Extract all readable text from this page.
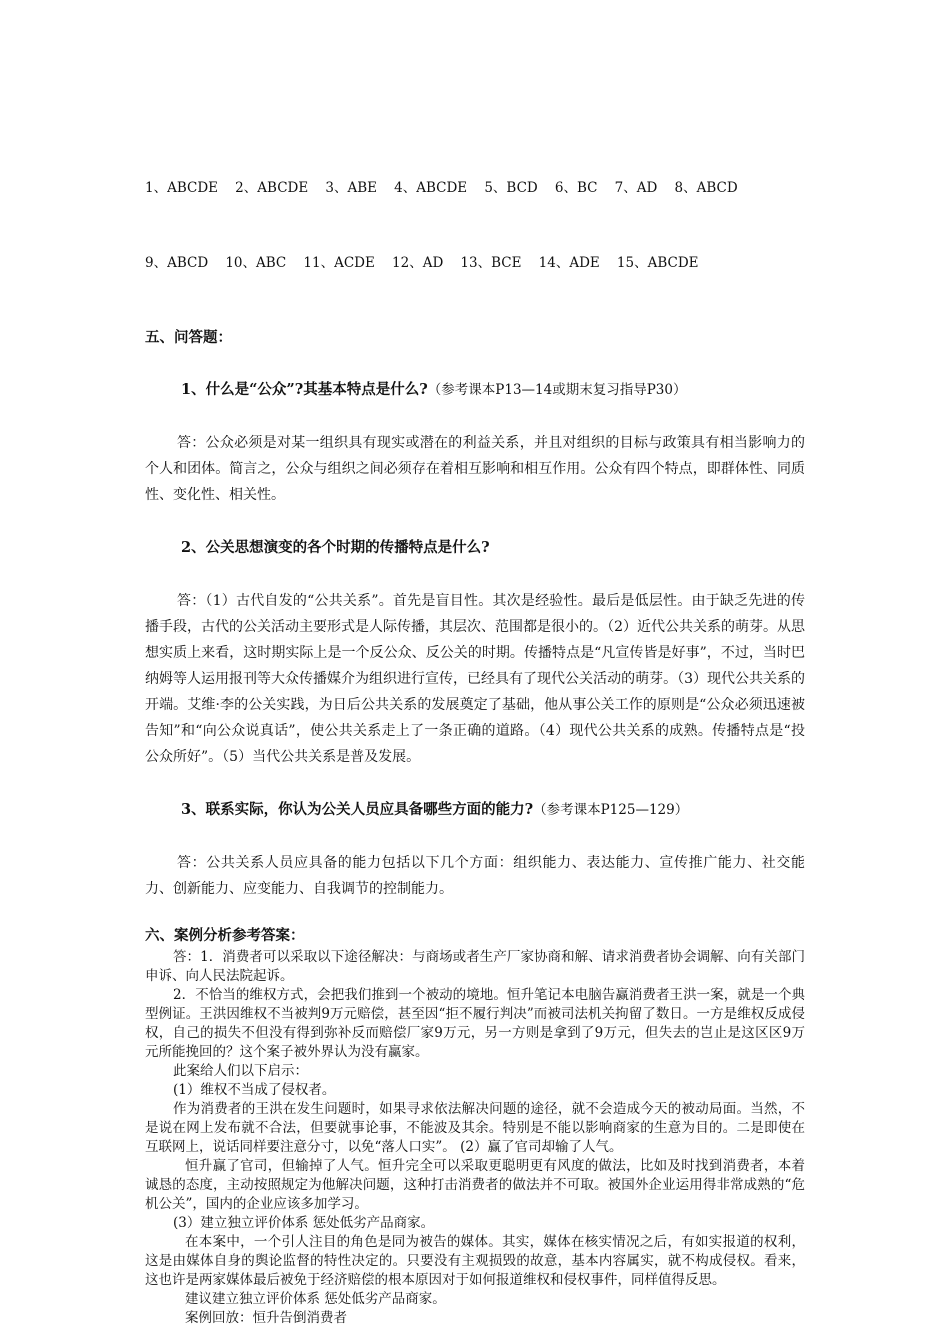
1、ABCDE    2、ABCDE    3、ABE    4、ABCDE    5、BCD    6、BC    7、AD    8、ABCD

9、ABCD    10、ABC    11、ACDE    12、AD    13、BCE    14、ADE    15、ABCDE

五、问答题：

1、什么是“公众”?其基本特点是什么?（参考课本P13—14或期末复习指导P30）

答：公众必须是对某一组织具有现实或潜在的利益关系，并且对组织的目标与政策具有相当影响力的个人和团体。简言之，公众与组织之间必须存在着相互影响和相互作用。公众有四个特点，即群体性、同质性、变化性、相关性。

2、公关思想演变的各个时期的传播特点是什么?

答：（1）古代自发的“公共关系”。首先是盲目性。其次是经验性。最后是低层性。由于缺乏先进的传播手段，古代的公关活动主要形式是人际传播，其层次、范围都是很小的。（2）近代公共关系的萌芽。从思想实质上来看，这时期实际上是一个反公众、反公关的时期。传播特点是“凡宣传皆是好事”，不过，当时巴纳姆等人运用报刊等大众传播媒介为组织进行宣传，已经具有了现代公关活动的萌芽。（3）现代公共关系的开端。艾维·李的公关实践，为日后公共关系的发展奠定了基础，他从事公关工作的原则是“公众必须迅速被告知”和“向公众说真话”，使公共关系走上了一条正确的道路。（4）现代公共关系的成熟。传播特点是“投公众所好”。（5）当代公共关系是普及发展。

3、联系实际，你认为公关人员应具备哪些方面的能力?（参考课本P125—129）

答：公共关系人员应具备的能力包括以下几个方面：组织能力、表达能力、宣传推广能力、社交能力、创新能力、应变能力、自我调节的控制能力。

六、案例分析参考答案：

答：1．消费者可以采取以下途径解决：与商场或者生产厂家协商和解、请求消费者协会调解、向有关部门申诉、向人民法院起诉。

2．不恰当的维权方式，会把我们推到一个被动的境地。恒升笔记本电脑告赢消费者王洪一案，就是一个典型例证。王洪因维权不当被判9万元赔偿，甚至因“拒不履行判决”而被司法机关拘留了数日。一方是维权反成侵权，自己的损失不但没有得到弥补反而赔偿厂家9万元，另一方则是拿到了9万元，但失去的岂止是这区区9万元所能挽回的？这个案子被外界认为没有赢家。

此案给人们以下启示：

(1）维权不当成了侵权者。

作为消费者的王洪在发生问题时，如果寻求依法解决问题的途径，就不会造成今天的被动局面。当然，不是说在网上发布就不合法，但要就事论事，不能波及其余。特别是不能以影响商家的生意为目的。二是即使在互联网上，说话同样要注意分寸，以免“落人口实”。 (2）赢了官司却输了人气。

恒升赢了官司，但输掉了人气。恒升完全可以采取更聪明更有风度的做法，比如及时找到消费者，本着诚恳的态度，主动按照规定为他解决问题，这种打击消费者的做法并不可取。被国外企业运用得非常成熟的“危机公关”，国内的企业应该多加学习。

(3）建立独立评价体系 惩处低劣产品商家。

在本案中，一个引人注目的角色是同为被告的媒体。其实，媒体在核实情况之后，有如实报道的权利，这是由媒体自身的舆论监督的特性决定的。只要没有主观损毁的故意，基本内容属实，就不构成侵权。看来，这也许是两家媒体最后被免于经济赔偿的根本原因对于如何报道维权和侵权事件，同样值得反思。

建议建立独立评价体系 惩处低劣产品商家。

案例回放：恒升告倒消费者
